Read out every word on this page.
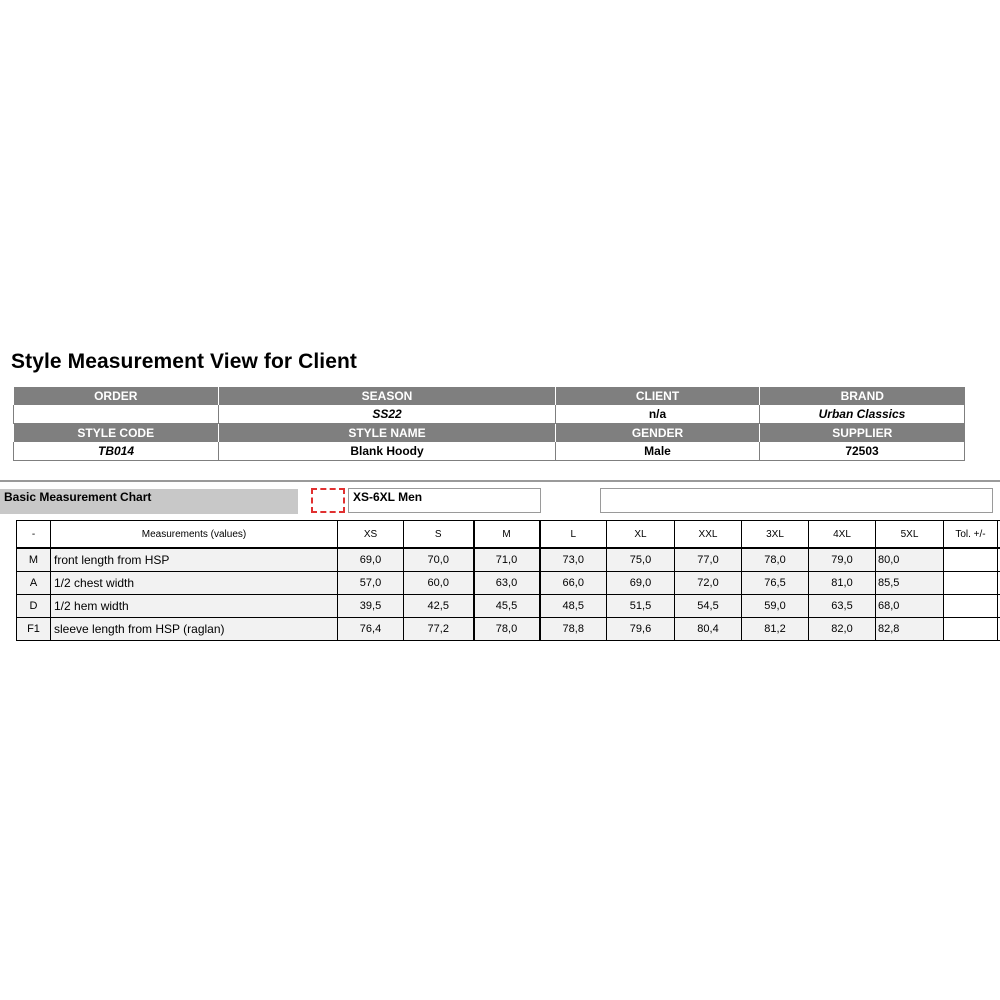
Style Measurement View for Client
ORDER	SEASON	CLIENT	BRAND
	SS22	n/a	Urban Classics
STYLE CODE	STYLE NAME	GENDER	SUPPLIER
TB014	Blank Hoody	Male	72503
Basic Measurement Chart	XS-6XL Men
-	Measurements (values)	XS	S	M	L	XL	XXL	3XL	4XL	5XL	Tol. +/-	
M	front length from HSP	69,0	70,0	71,0	73,0	75,0	77,0	78,0	79,0	80,0		
A	1/2 chest width	57,0	60,0	63,0	66,0	69,0	72,0	76,5	81,0	85,5		
D	1/2 hem width	39,5	42,5	45,5	48,5	51,5	54,5	59,0	63,5	68,0		
F1	sleeve length from HSP (raglan)	76,4	77,2	78,0	78,8	79,6	80,4	81,2	82,0	82,8		
